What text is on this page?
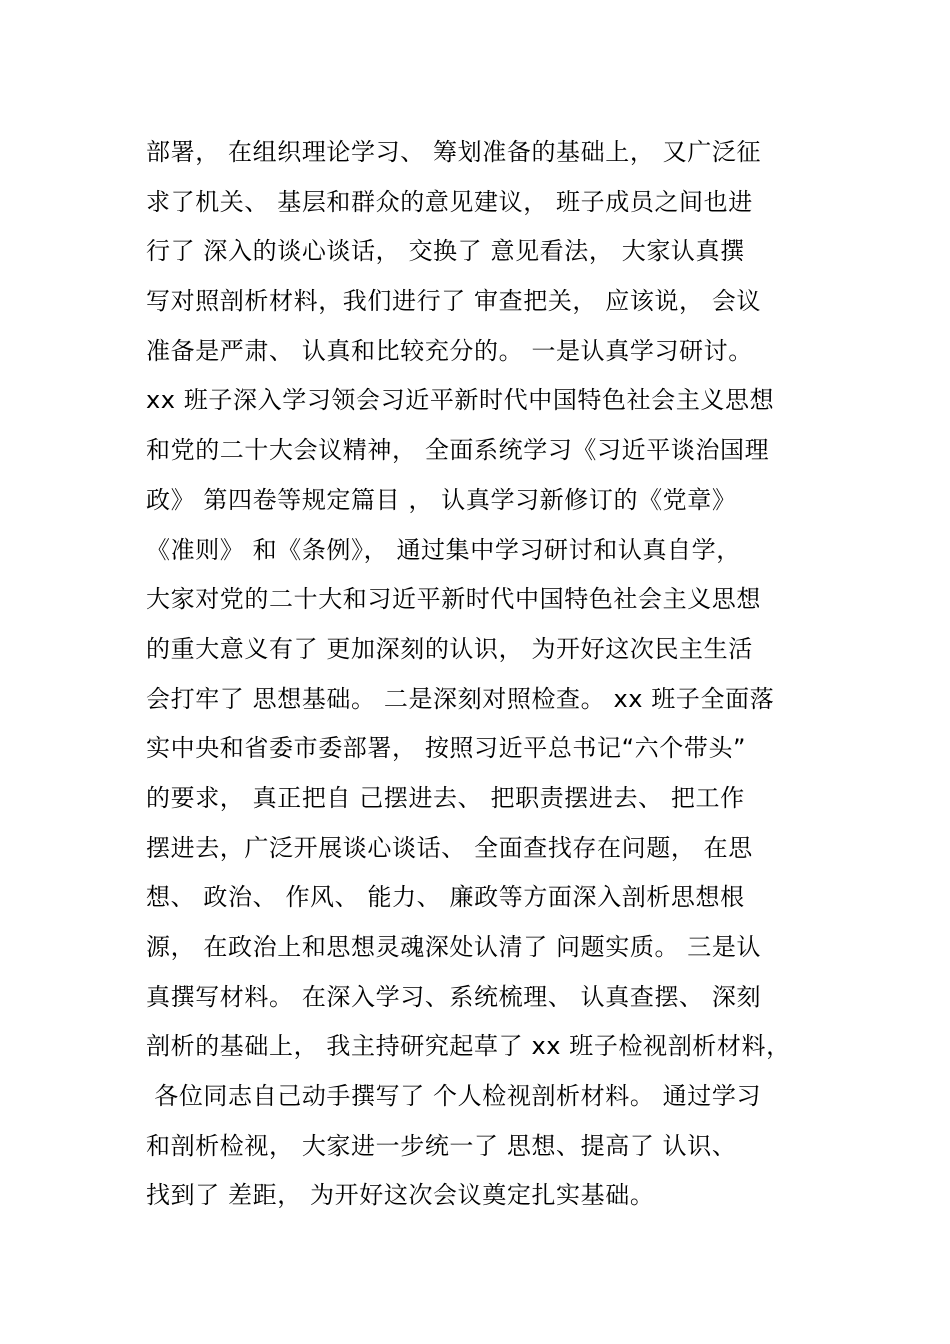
部署， 在组织理论学习、 筹划准备的基础上， 又广泛征
求了机关、 基层和群众的意见建议， 班子成员之间也进
行了 深入的谈心谈话， 交换了 意见看法， 大家认真撰
写对照剖析材料，我们进行了 审查把关， 应该说， 会议
准备是严肃、 认真和比较充分的。 一是认真学习研讨。
xx 班子深入学习领会习近平新时代中国特色社会主义思想
和党的二十大会议精神， 全面系统学习《习近平谈治国理
政》 第四卷等规定篇目 ， 认真学习新修订的《党章》
《准则》 和《条例》， 通过集中学习研讨和认真自学，
大家对党的二十大和习近平新时代中国特色社会主义思想
的重大意义有了 更加深刻的认识， 为开好这次民主生活
会打牢了 思想基础。 二是深刻对照检查。 xx 班子全面落
实中央和省委市委部署， 按照习近平总书记“六个带头”
的要求， 真正把自 己摆进去、 把职责摆进去、 把工作
摆进去，广泛开展谈心谈话、 全面查找存在问题， 在思
想、 政治、 作风、 能力、 廉政等方面深入剖析思想根
源， 在政治上和思想灵魂深处认清了 问题实质。 三是认
真撰写材料。 在深入学习、系统梳理、 认真查摆、 深刻
剖析的基础上， 我主持研究起草了 xx 班子检视剖析材料，
各位同志自己动手撰写了 个人检视剖析材料。 通过学习
和剖析检视， 大家进一步统一了 思想、提高了 认识、
找到了 差距， 为开好这次会议奠定扎实基础。
